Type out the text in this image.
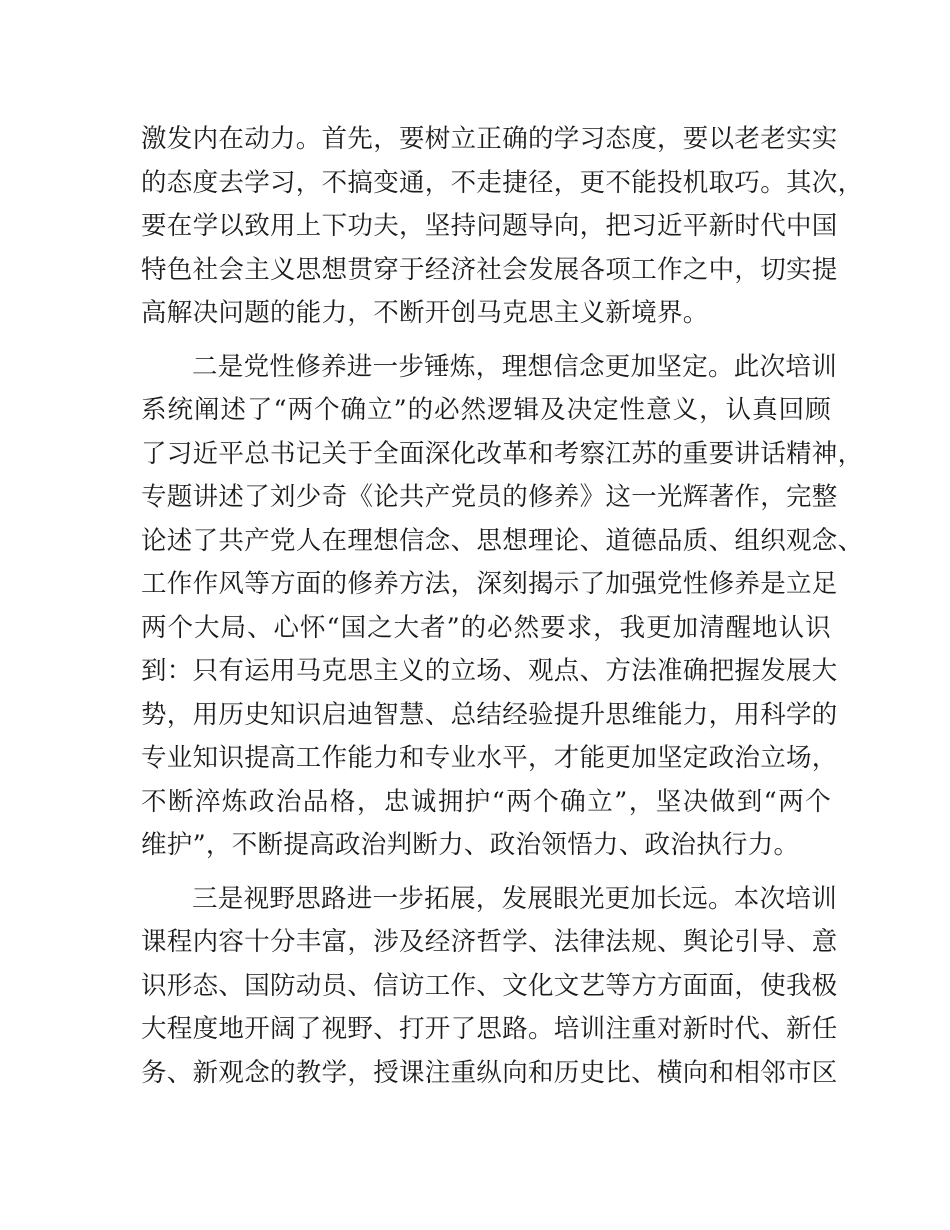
激发内在动力。首先，要树立正确的学习态度，要以老老实实
的态度去学习，不搞变通，不走捷径，更不能投机取巧。其次，
要在学以致用上下功夫，坚持问题导向，把习近平新时代中国
特色社会主义思想贯穿于经济社会发展各项工作之中，切实提
高解决问题的能力，不断开创马克思主义新境界。
二是党性修养进一步锤炼，理想信念更加坚定。此次培训
系统阐述了“两个确立”的必然逻辑及决定性意义，认真回顾
了习近平总书记关于全面深化改革和考察江苏的重要讲话精神，
专题讲述了刘少奇《论共产党员的修养》这一光辉著作，完整
论述了共产党人在理想信念、思想理论、道德品质、组织观念、
工作作风等方面的修养方法，深刻揭示了加强党性修养是立足
两个大局、心怀“国之大者”的必然要求，我更加清醒地认识
到：只有运用马克思主义的立场、观点、方法准确把握发展大
势，用历史知识启迪智慧、总结经验提升思维能力，用科学的
专业知识提高工作能力和专业水平，才能更加坚定政治立场，
不断淬炼政治品格，忠诚拥护“两个确立”，坚决做到“两个
维护”，不断提高政治判断力、政治领悟力、政治执行力。
三是视野思路进一步拓展，发展眼光更加长远。本次培训
课程内容十分丰富，涉及经济哲学、法律法规、舆论引导、意
识形态、国防动员、信访工作、文化文艺等方方面面，使我极
大程度地开阔了视野、打开了思路。培训注重对新时代、新任
务、新观念的教学，授课注重纵向和历史比、横向和相邻市区
